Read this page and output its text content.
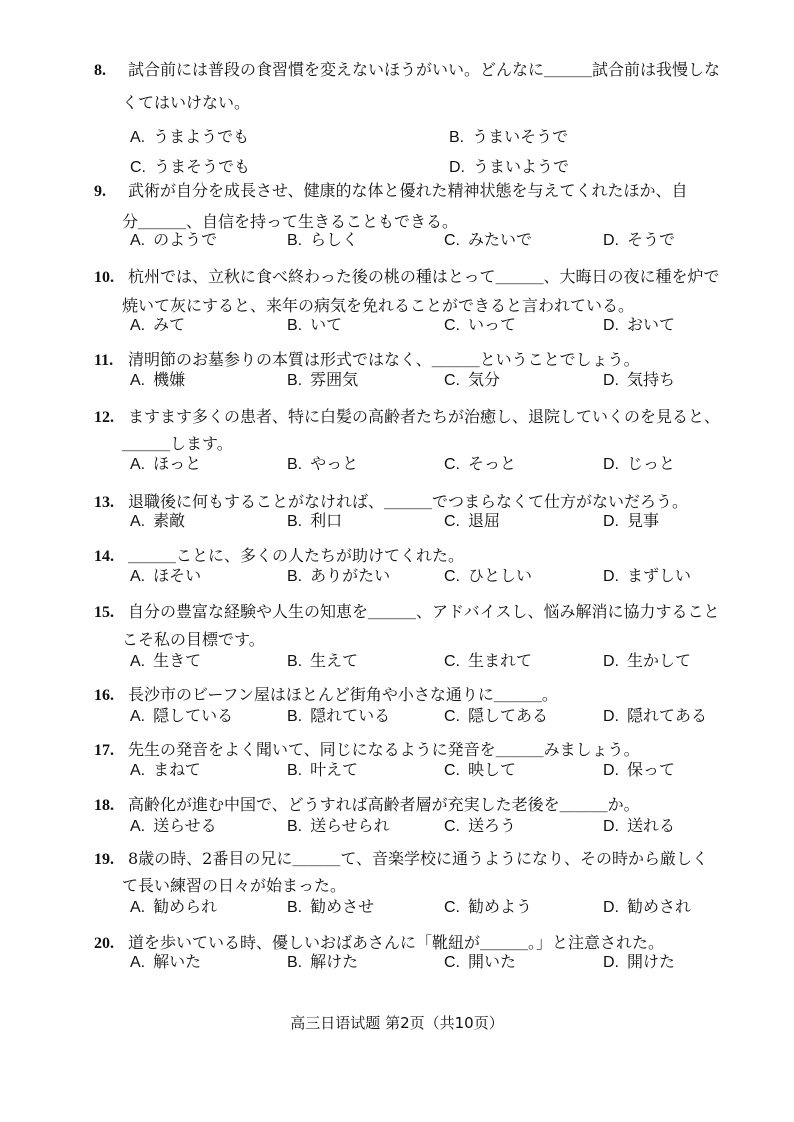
8. 試合前には普段の食習慣を変えないほうがいい。どんなに＿＿＿試合前は我慢しな
くてはいけない。
A. うまようでも	B. うまいそうで
C. うまそうでも	D. うまいようで
9. 武術が自分を成長させ、健康的な体と優れた精神状態を与えてくれたほか、自
分＿＿＿、自信を持って生きることもできる。
A. のようで	B. らしく	C. みたいで	D. そうで
10. 杭州では、立秋に食べ終わった後の桃の種はとって＿＿＿、大晦日の夜に種を炉で
焼いて灰にすると、来年の病気を免れることができると言われている。
A. みて	B. いて	C. いって	D. おいて
11. 清明節のお墓参りの本質は形式ではなく、＿＿＿ということでしょう。
A. 機嫌	B. 雰囲気	C. 気分	D. 気持ち
12. ますます多くの患者、特に白髪の高齢者たちが治癒し、退院していくのを見ると、
＿＿＿します。
A. ほっと	B. やっと	C. そっと	D. じっと
13. 退職後に何もすることがなければ、＿＿＿でつまらなくて仕方がないだろう。
A. 素敵	B. 利口	C. 退屈	D. 見事
14. ＿＿＿ことに、多くの人たちが助けてくれた。
A. ほそい	B. ありがたい	C. ひとしい	D. まずしい
15. 自分の豊富な経験や人生の知恵を＿＿＿、アドバイスし、悩み解消に協力すること
こそ私の目標です。
A. 生きて	B. 生えて	C. 生まれて	D. 生かして
16. 長沙市のビーフン屋はほとんど街角や小さな通りに＿＿＿。
A. 隠している	B. 隠れている	C. 隠してある	D. 隠れてある
17. 先生の発音をよく聞いて、同じになるように発音を＿＿＿みましょう。
A. まねて	B. 叶えて	C. 映して	D. 保って
18. 高齢化が進む中国で、どうすれば高齢者層が充実した老後を＿＿＿か。
A. 送らせる	B. 送らせられ	C. 送ろう	D. 送れる
19. 8歳の時、2番目の兄に＿＿＿て、音楽学校に通うようになり、その時から厳しく
て長い練習の日々が始まった。
A. 勧められ	B. 勧めさせ	C. 勧めよう	D. 勧めされ
20. 道を歩いている時、優しいおばあさんに「靴紐が＿＿＿。」と注意された。
A. 解いた	B. 解けた	C. 開いた	D. 開けた
高三日语试题 第2页（共10页）
